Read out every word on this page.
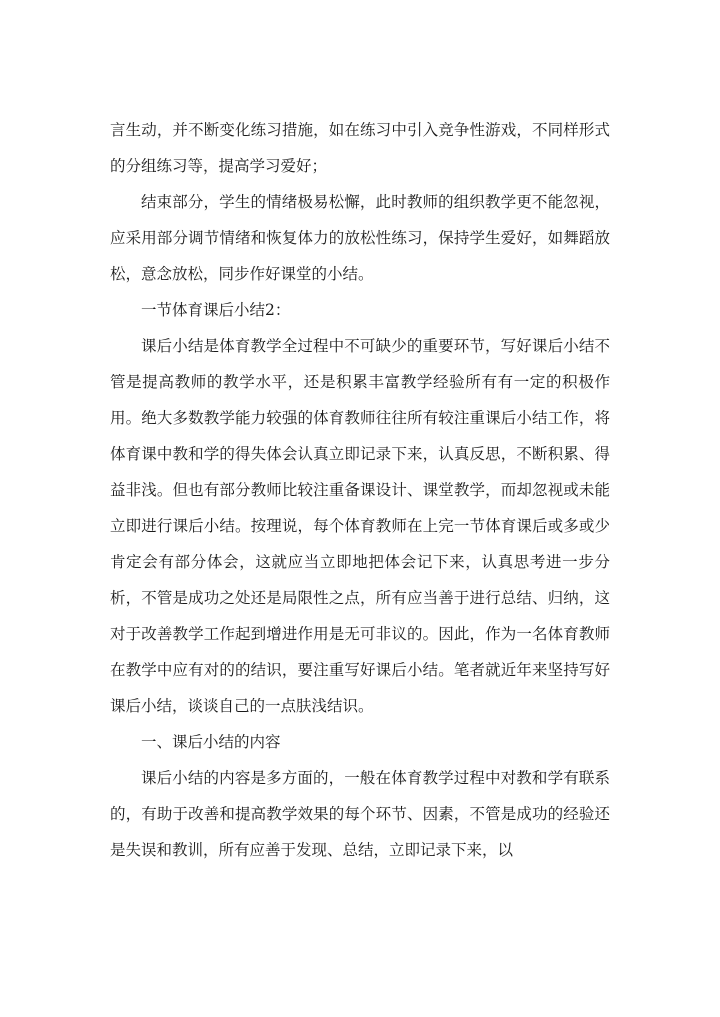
言生动，并不断变化练习措施，如在练习中引入竞争性游戏，不同样形式的分组练习等，提高学习爱好；

结束部分，学生的情绪极易松懈，此时教师的组织教学更不能忽视，应采用部分调节情绪和恢复体力的放松性练习，保持学生爱好，如舞蹈放松，意念放松，同步作好课堂的小结。

一节体育课后小结2：

课后小结是体育教学全过程中不可缺少的重要环节，写好课后小结不管是提高教师的教学水平，还是积累丰富教学经验所有有一定的积极作用。绝大多数教学能力较强的体育教师往往所有较注重课后小结工作，将体育课中教和学的得失体会认真立即记录下来，认真反思，不断积累、得益非浅。但也有部分教师比较注重备课设计、课堂教学，而却忽视或未能立即进行课后小结。按理说，每个体育教师在上完一节体育课后或多或少肯定会有部分体会，这就应当立即地把体会记下来，认真思考进一步分析，不管是成功之处还是局限性之点，所有应当善于进行总结、归纳，这对于改善教学工作起到增进作用是无可非议的。因此，作为一名体育教师在教学中应有对的的结识，要注重写好课后小结。笔者就近年来坚持写好课后小结，谈谈自己的一点肤浅结识。

一、课后小结的内容

课后小结的内容是多方面的，一般在体育教学过程中对教和学有联系的，有助于改善和提高教学效果的每个环节、因素，不管是成功的经验还是失误和教训，所有应善于发现、总结，立即记录下来，以
